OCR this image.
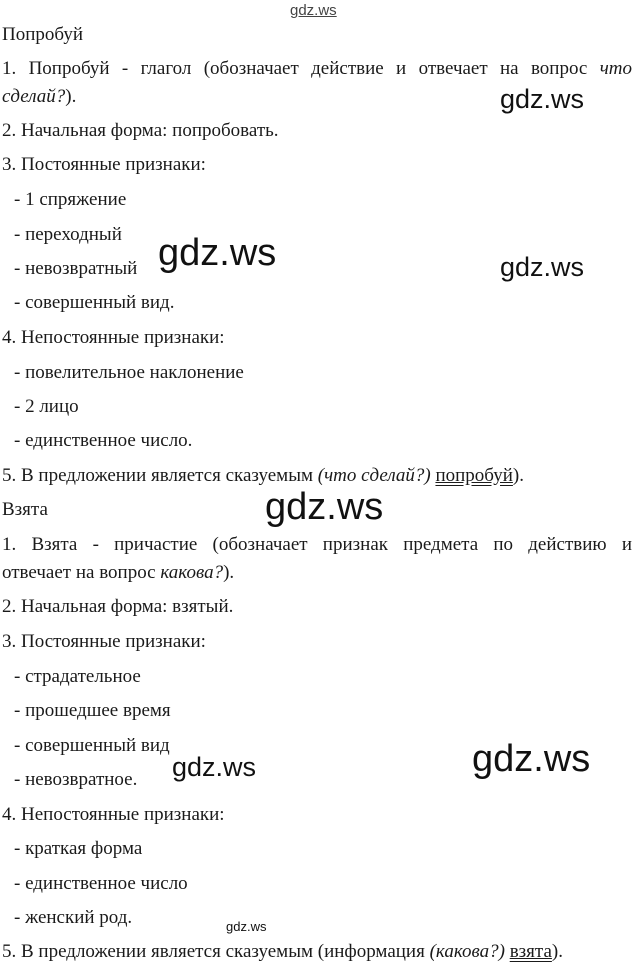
gdz.ws
gdz.ws
gdz.ws	gdz.ws
gdz.ws
gdz.ws
gdz.ws
gdz.ws
Попробуй
1. Попробуй - глагол (обозначает действие и отвечает на вопрос что
сделай?).
2. Начальная форма: попробовать.
3. Постоянные признаки:
- 1 спряжение
- переходный
- невозвратный
- совершенный вид.
4. Непостоянные признаки:
- повелительное наклонение
- 2 лицо
- единственное число.
5. В предложении является сказуемым (что сделай?) попробуй).
Взята
1. Взята - причастие (обозначает признак предмета по действию и
отвечает на вопрос какова?).
2. Начальная форма: взятый.
3. Постоянные признаки:
- страдательное
- прошедшее время
- совершенный вид
- невозвратное.
4. Непостоянные признаки:
- краткая форма
- единственное число
- женский род.
5. В предложении является сказуемым (информация (какова?) взята).
